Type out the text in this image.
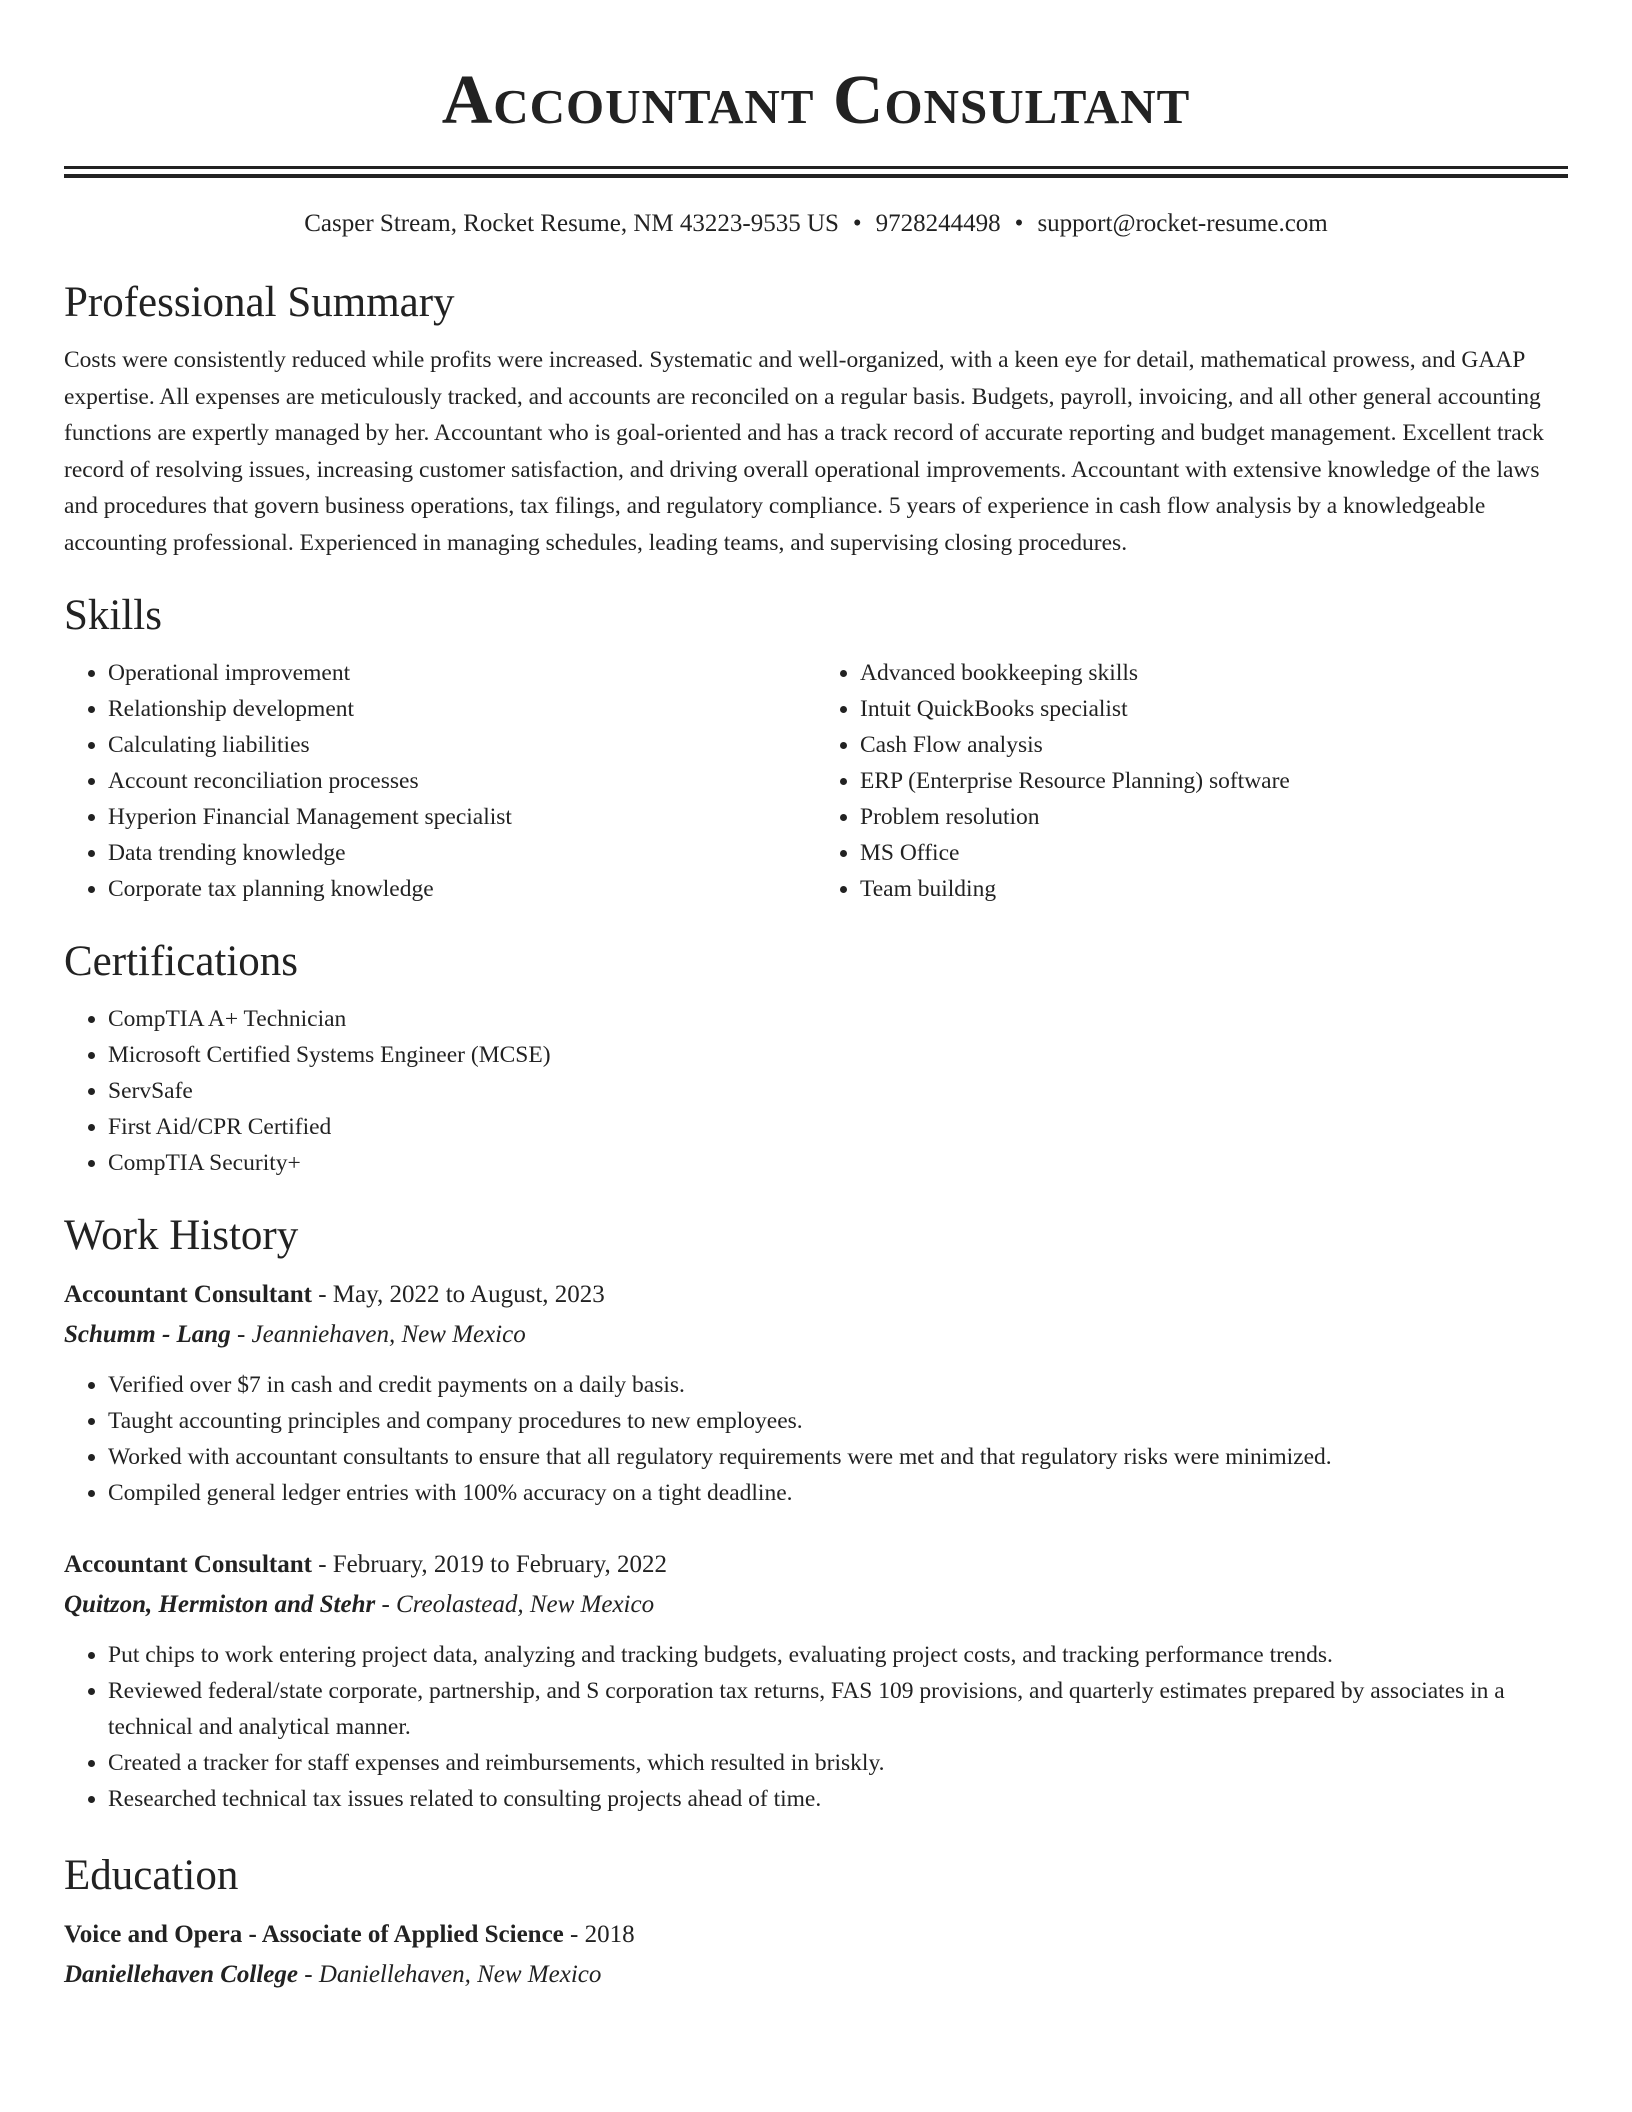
Accountant Consultant
Casper Stream, Rocket Resume, NM 43223-9535 US • 9728244498 • support@rocket-resume.com
Professional Summary

Costs were consistently reduced while profits were increased. Systematic and well-organized, with a keen eye for detail, mathematical prowess, and GAAP expertise. All expenses are meticulously tracked, and accounts are reconciled on a regular basis. Budgets, payroll, invoicing, and all other general accounting functions are expertly managed by her. Accountant who is goal-oriented and has a track record of accurate reporting and budget management. Excellent track record of resolving issues, increasing customer satisfaction, and driving overall operational improvements. Accountant with extensive knowledge of the laws and procedures that govern business operations, tax filings, and regulatory compliance. 5 years of experience in cash flow analysis by a knowledgeable accounting professional. Experienced in managing schedules, leading teams, and supervising closing procedures.

Skills
• Operational improvement
• Relationship development
• Calculating liabilities
• Account reconciliation processes
• Hyperion Financial Management specialist
• Data trending knowledge
• Corporate tax planning knowledge
• Advanced bookkeeping skills
• Intuit QuickBooks specialist
• Cash Flow analysis
• ERP (Enterprise Resource Planning) software
• Problem resolution
• MS Office
• Team building
Certifications
• CompTIA A+ Technician
• Microsoft Certified Systems Engineer (MCSE)
• ServSafe
• First Aid/CPR Certified
• CompTIA Security+
Work History
Accountant Consultant - May, 2022 to August, 2023
Schumm - Lang - Jeanniehaven, New Mexico
• Verified over $7 in cash and credit payments on a daily basis.
• Taught accounting principles and company procedures to new employees.
• Worked with accountant consultants to ensure that all regulatory requirements were met and that regulatory risks were minimized.
• Compiled general ledger entries with 100% accuracy on a tight deadline.
Accountant Consultant - February, 2019 to February, 2022
Quitzon, Hermiston and Stehr - Creolastead, New Mexico
• Put chips to work entering project data, analyzing and tracking budgets, evaluating project costs, and tracking performance trends.
• Reviewed federal/state corporate, partnership, and S corporation tax returns, FAS 109 provisions, and quarterly estimates prepared by associates in a technical and analytical manner.
• Created a tracker for staff expenses and reimbursements, which resulted in briskly.
• Researched technical tax issues related to consulting projects ahead of time.
Education
Voice and Opera - Associate of Applied Science - 2018
Daniellehaven College - Daniellehaven, New Mexico
